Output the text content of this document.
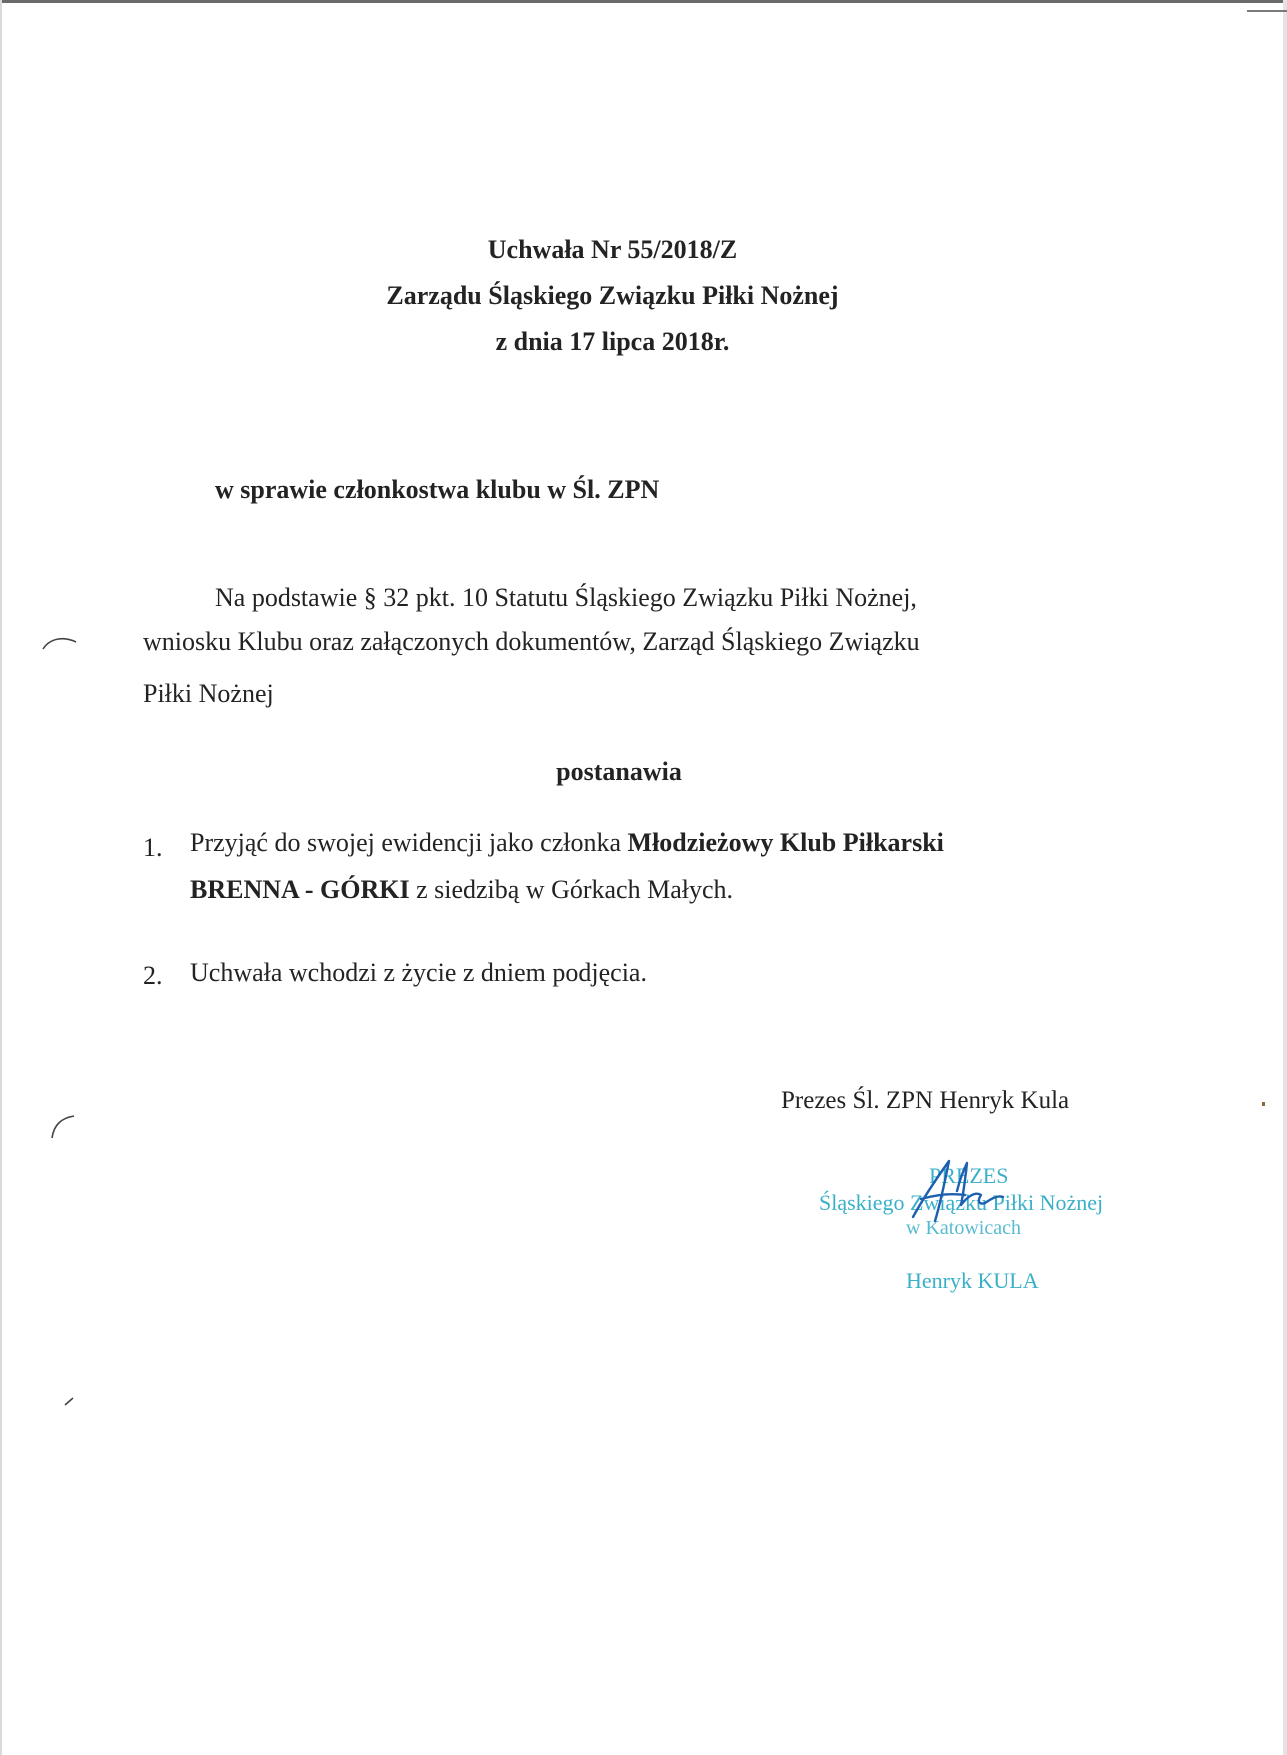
Uchwała Nr 55/2018/Z
Zarządu Śląskiego Związku Piłki Nożnej
z dnia 17 lipca 2018r.
w sprawie członkostwa klubu w Śl. ZPN
Na podstawie § 32 pkt. 10 Statutu Śląskiego Związku Piłki Nożnej,
wniosku Klubu oraz załączonych dokumentów, Zarząd Śląskiego Związku
Piłki Nożnej
postanawia
1. Przyjąć do swojej ewidencji jako członka Młodzieżowy Klub Piłkarski
BRENNA - GÓRKI z siedzibą w Górkach Małych.
2. Uchwała wchodzi z życie z dniem podjęcia.
Prezes Śl. ZPN Henryk Kula
PREZES
Śląskiego Związku Piłki Nożnej
w Katowicach
Henryk KULA
